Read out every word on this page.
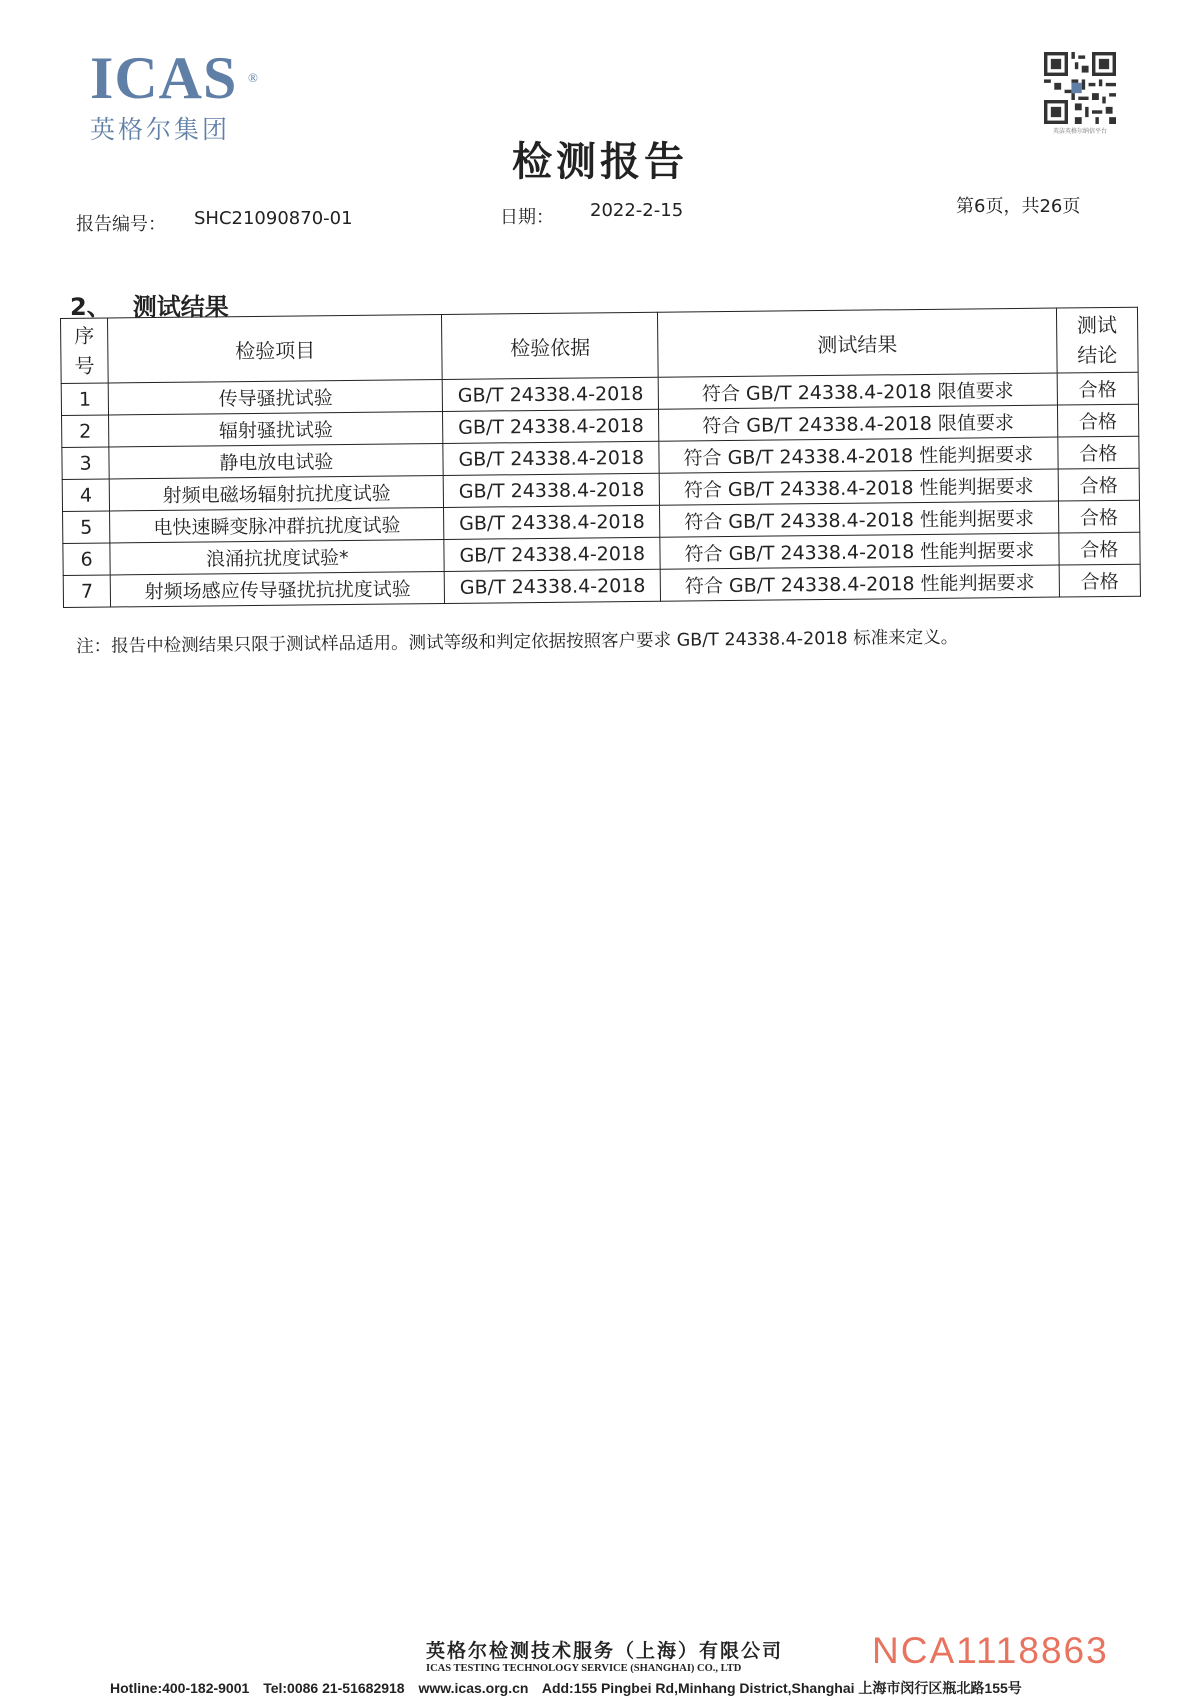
ICAS ®
英格尔集团	英洁英格尔纳信平台
检测报告
报告编号： SHC21090870-01	日期： 2022-2-15	第6页，共26页
2、 测试结果
序
号	检验项目	检验依据	测试结果	测试
结论

1	传导骚扰试验	GB/T 24338.4-2018	符合 GB/T 24338.4-2018 限值要求	合格
2	辐射骚扰试验	GB/T 24338.4-2018	符合 GB/T 24338.4-2018 限值要求	合格
3	静电放电试验	GB/T 24338.4-2018	符合 GB/T 24338.4-2018 性能判据要求	合格
4	射频电磁场辐射抗扰度试验	GB/T 24338.4-2018	符合 GB/T 24338.4-2018 性能判据要求	合格
5	电快速瞬变脉冲群抗扰度试验	GB/T 24338.4-2018	符合 GB/T 24338.4-2018 性能判据要求	合格
6	浪涌抗扰度试验*	GB/T 24338.4-2018	符合 GB/T 24338.4-2018 性能判据要求	合格
7	射频场感应传导骚扰抗扰度试验	GB/T 24338.4-2018	符合 GB/T 24338.4-2018 性能判据要求	合格
注：报告中检测结果只限于测试样品适用。测试等级和判定依据按照客户要求 GB/T 24338.4-2018 标准来定义。
英格尔检测技术服务（上海）有限公司
ICAS TESTING TECHNOLOGY SERVICE (SHANGHAI) CO., LTD	NCA1118863
Hotline:400-182-9001 Tel:0086 21-51682918 www.icas.org.cn Add:155 Pingbei Rd,Minhang District,Shanghai 上海市闵行区瓶北路155号
